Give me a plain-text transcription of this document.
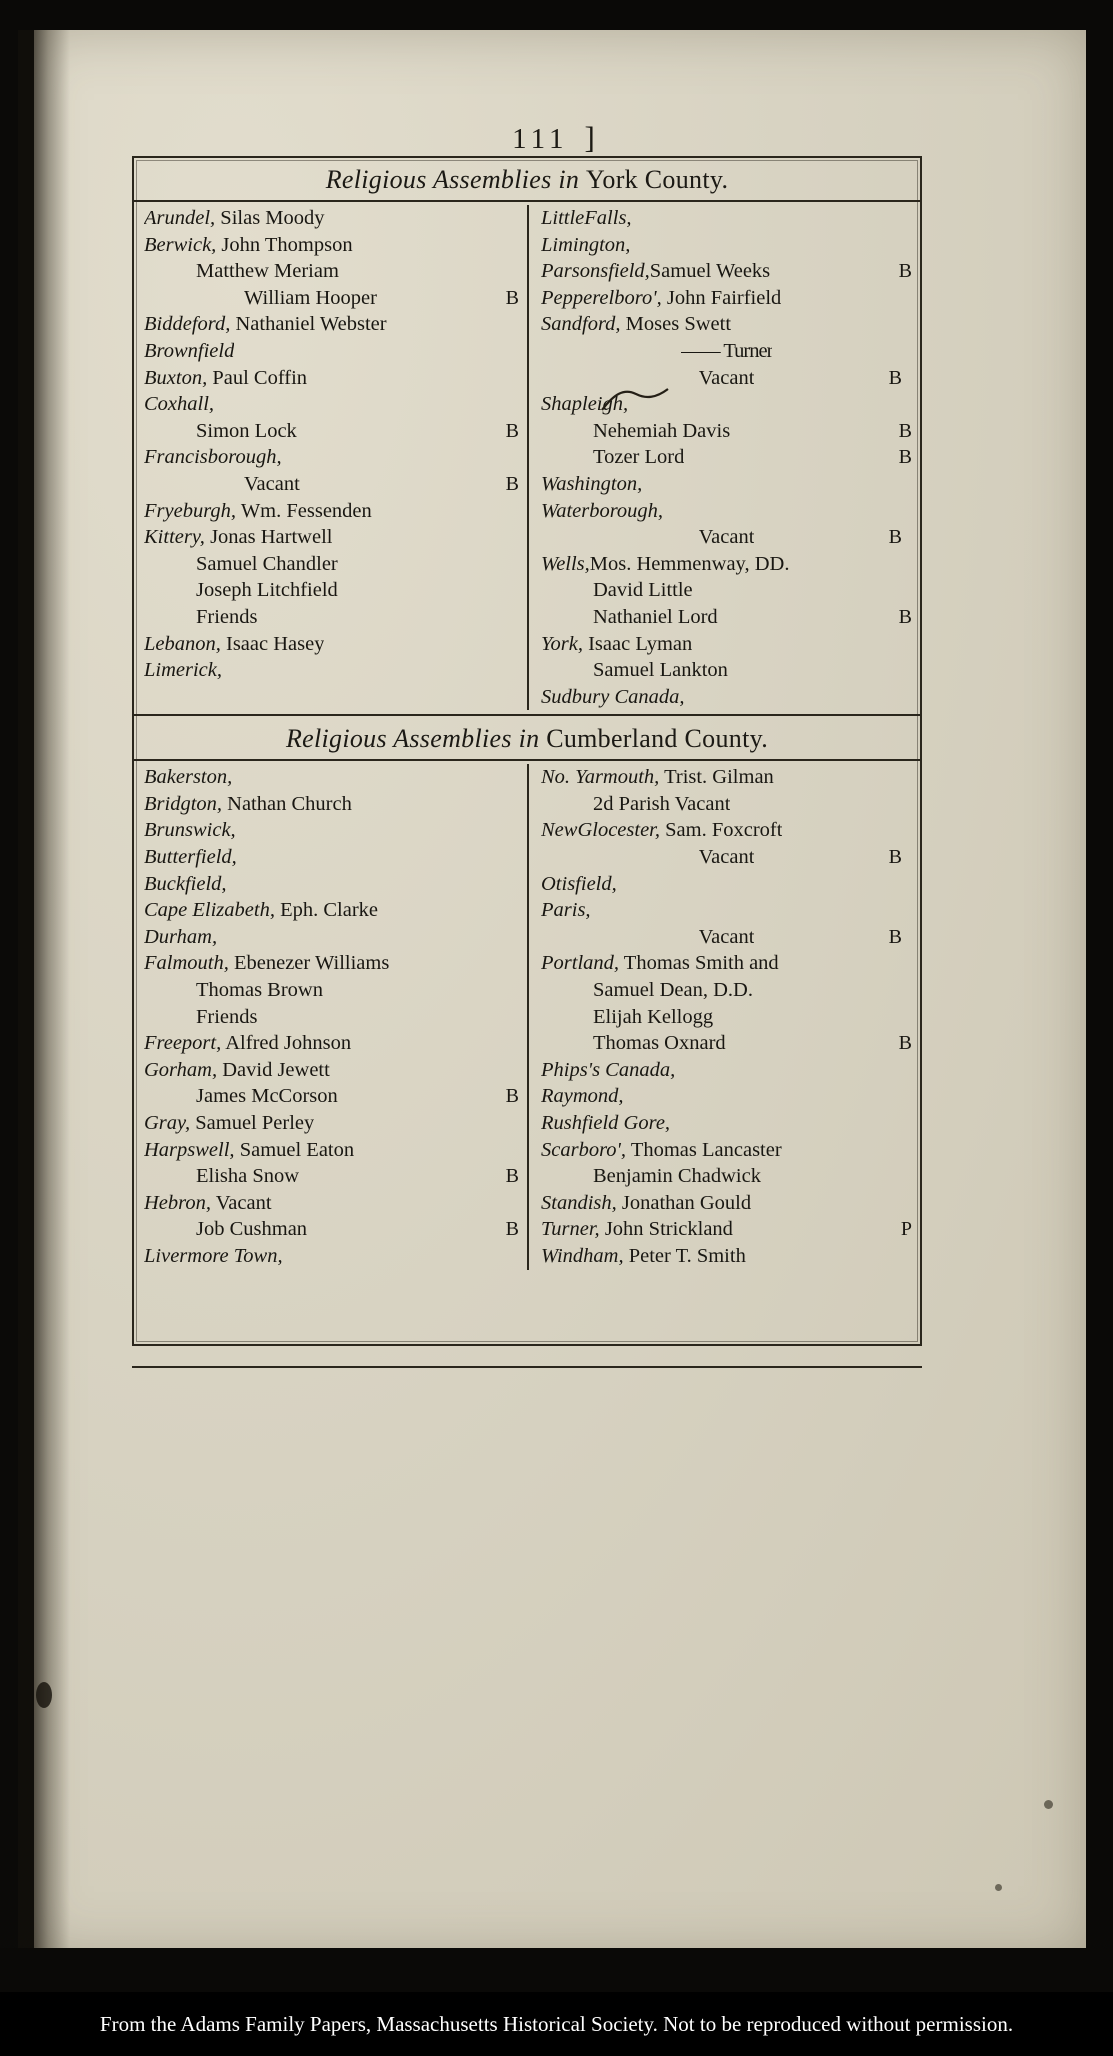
111 ]
Religious Assemblies in York County.
Arundel, Silas Moody
Berwick, John Thompson
Matthew Meriam
William Hooper	B
Biddeford, Nathaniel Webster
Brownfield
Buxton, Paul Coffin
Coxhall,
Simon Lock	B
Francisborough,
Vacant	B
Fryeburgh, Wm. Fessenden
Kittery, Jonas Hartwell
Samuel Chandler
Joseph Litchfield
Friends
Lebanon, Isaac Hasey
Limerick,
LittleFalls,
Limington,
Parsonsfield,Samuel Weeks	B
Pepperelboro', John Fairfield
Sandford, Moses Swett
—— Turner
Vacant	B
Shapleigh,
Nehemiah Davis	B
Tozer Lord	B
Washington,
Waterborough,
Vacant	B
Wells,Mos. Hemmenway, DD.
David Little
Nathaniel Lord	B
York, Isaac Lyman
Samuel Lankton
Sudbury Canada,
Religious Assemblies in Cumberland County.
Bakerston,
Bridgton, Nathan Church
Brunswick,
Butterfield,
Buckfield,
Cape Elizabeth, Eph. Clarke
Durham,
Falmouth, Ebenezer Williams
Thomas Brown
Friends
Freeport, Alfred Johnson
Gorham, David Jewett
James McCorson	B
Gray, Samuel Perley
Harpswell, Samuel Eaton
Elisha Snow	B
Hebron, Vacant
Job Cushman	B
Livermore Town,
No. Yarmouth, Trist. Gilman
2d Parish Vacant
NewGlocester, Sam. Foxcroft
Vacant	B
Otisfield,
Paris,
Vacant	B
Portland, Thomas Smith and
Samuel Dean, D.D.
Elijah Kellogg
Thomas Oxnard	B
Phips's Canada,
Raymond,
Rushfield Gore,
Scarboro', Thomas Lancaster
Benjamin Chadwick
Standish, Jonathan Gould
Turner, John Strickland	P
Windham, Peter T. Smith
From the Adams Family Papers, Massachusetts Historical Society. Not to be reproduced without permission.
